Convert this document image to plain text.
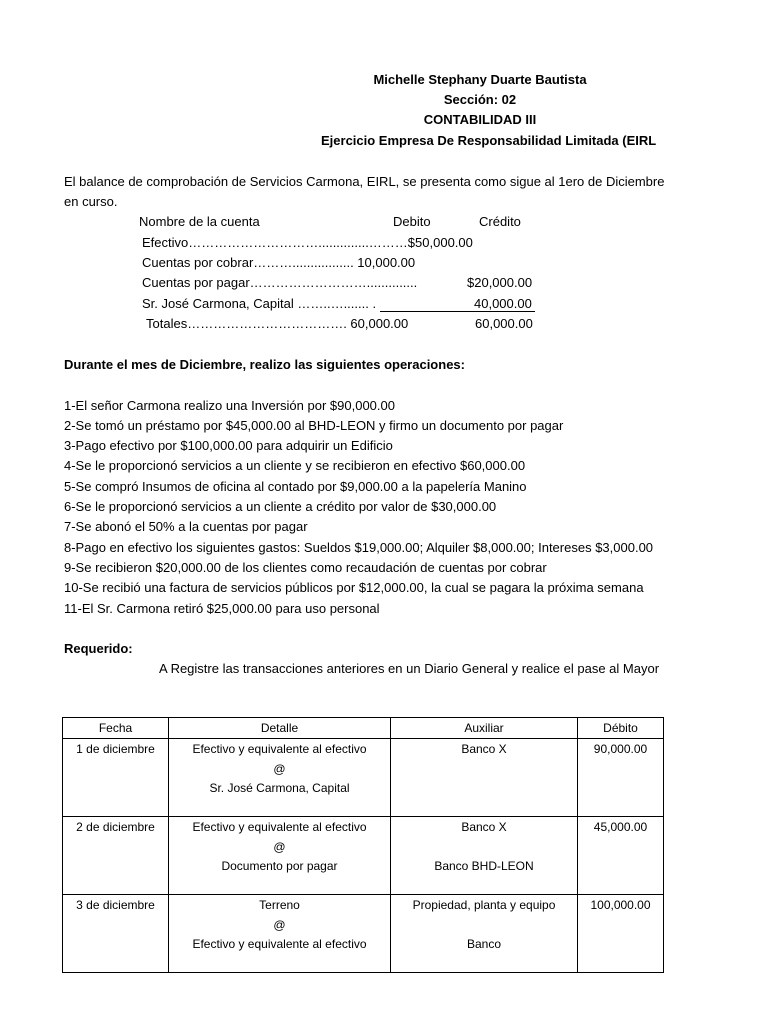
Michelle Stephany Duarte Bautista
Sección: 02
CONTABILIDAD III
Ejercicio Empresa De Responsabilidad Limitada (EIRL
El balance de comprobación de Servicios Carmona, EIRL, se presenta como sigue al 1ero de Diciembre
en curso.
Nombre de la cuenta	Debito	Crédito
Efectivo…………………………..............………$50,000.00
Cuentas por cobrar………................. 10,000.00
Cuentas por pagar………………………..............	$20,000.00
Sr. José Carmona, Capital ……..…....... .	40,000.00
Totales………………………………. 60,000.00	60,000.00
Durante el mes de Diciembre, realizo las siguientes operaciones:
1-El señor Carmona realizo una Inversión por $90,000.00
2-Se tomó un préstamo por $45,000.00 al BHD-LEON y firmo un documento por pagar
3-Pago efectivo por $100,000.00 para adquirir un Edificio
4-Se le proporcionó servicios a un cliente y se recibieron en efectivo $60,000.00
5-Se compró Insumos de oficina al contado por $9,000.00 a la papelería Manino
6-Se le proporcionó servicios a un cliente a crédito por valor de $30,000.00
7-Se abonó el 50% a la cuentas por pagar
8-Pago en efectivo los siguientes gastos: Sueldos $19,000.00; Alquiler $8,000.00; Intereses $3,000.00
9-Se recibieron $20,000.00 de los clientes como recaudación de cuentas por cobrar
10-Se recibió una factura de servicios públicos por $12,000.00, la cual se pagara la próxima semana
11-El Sr. Carmona retiró $25,000.00 para uso personal
Requerido:
A Registre las transacciones anteriores en un Diario General y realice el pase al Mayor
Fecha	Detalle	Auxiliar	Débito
1 de diciembre	Efectivo y equivalente al efectivo
@
Sr. José Carmona, Capital	Banco X	90,000.00
2 de diciembre	Efectivo y equivalente al efectivo
@
Documento por pagar	Banco X
Banco BHD-LEON	45,000.00
3 de diciembre	Terreno
@
Efectivo y equivalente al efectivo	Propiedad, planta y equipo
Banco	100,000.00
